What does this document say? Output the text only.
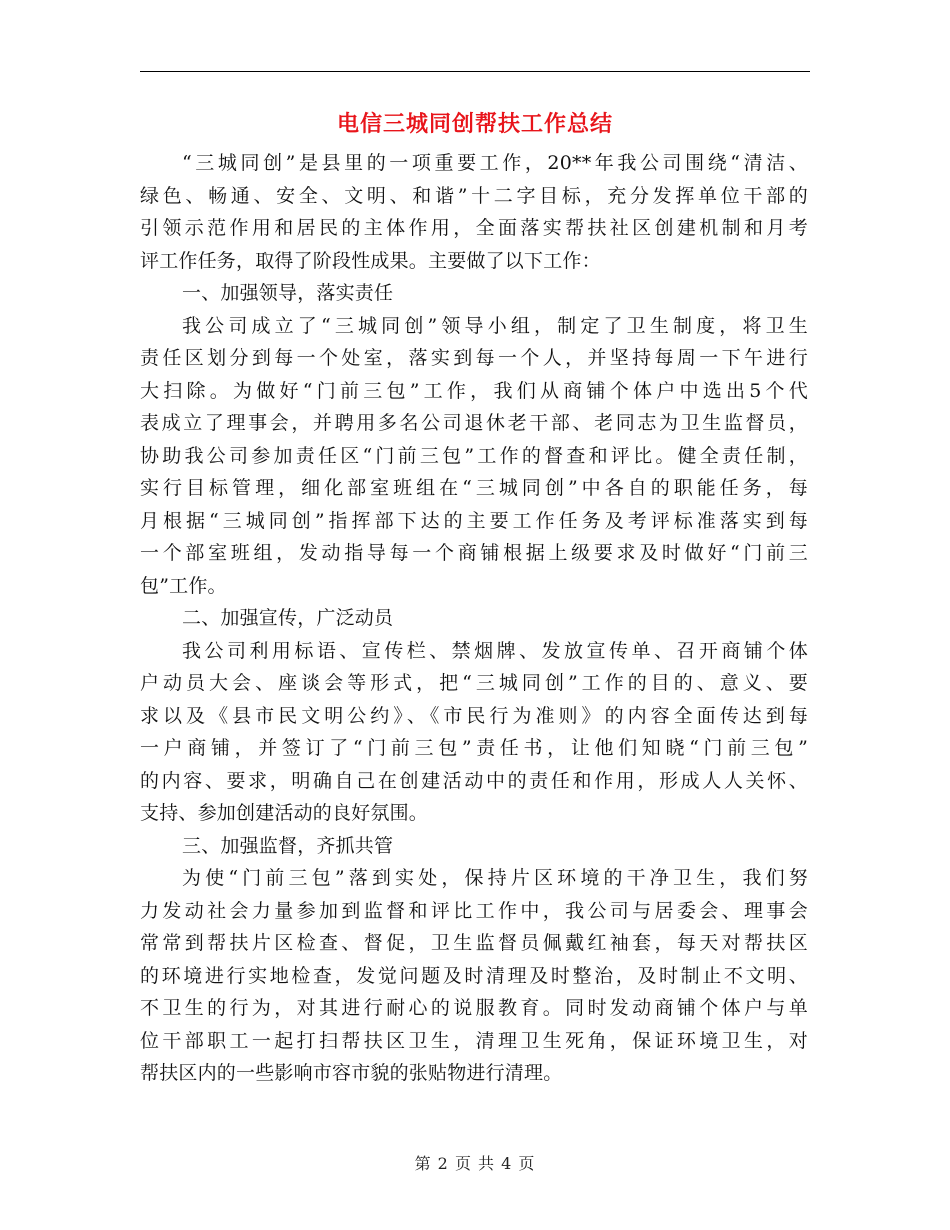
电信三城同创帮扶工作总结
“三城同创”是县里的一项重要工作，20**年我公司围绕“清洁、
绿色、畅通、安全、文明、和谐”十二字目标，充分发挥单位干部的
引领示范作用和居民的主体作用，全面落实帮扶社区创建机制和月考
评工作任务，取得了阶段性成果。主要做了以下工作：
一、加强领导，落实责任
我公司成立了“三城同创”领导小组，制定了卫生制度，将卫生
责任区划分到每一个处室，落实到每一个人，并坚持每周一下午进行
大扫除。为做好“门前三包”工作，我们从商铺个体户中选出5个代
表成立了理事会，并聘用多名公司退休老干部、老同志为卫生监督员，
协助我公司参加责任区“门前三包”工作的督查和评比。健全责任制，
实行目标管理，细化部室班组在“三城同创”中各自的职能任务，每
月根据“三城同创”指挥部下达的主要工作任务及考评标准落实到每
一个部室班组，发动指导每一个商铺根据上级要求及时做好“门前三
包”工作。
二、加强宣传，广泛动员
我公司利用标语、宣传栏、禁烟牌、发放宣传单、召开商铺个体
户动员大会、座谈会等形式，把“三城同创”工作的目的、意义、要
求以及《县市民文明公约》、《市民行为准则》的内容全面传达到每
一户商铺，并签订了“门前三包”责任书，让他们知晓“门前三包”
的内容、要求，明确自己在创建活动中的责任和作用，形成人人关怀、
支持、参加创建活动的良好氛围。
三、加强监督，齐抓共管
为使“门前三包”落到实处，保持片区环境的干净卫生，我们努
力发动社会力量参加到监督和评比工作中，我公司与居委会、理事会
常常到帮扶片区检查、督促，卫生监督员佩戴红袖套，每天对帮扶区
的环境进行实地检查，发觉问题及时清理及时整治，及时制止不文明、
不卫生的行为，对其进行耐心的说服教育。同时发动商铺个体户与单
位干部职工一起打扫帮扶区卫生，清理卫生死角，保证环境卫生，对
帮扶区内的一些影响市容市貌的张贴物进行清理。
第 2 页 共 4 页
